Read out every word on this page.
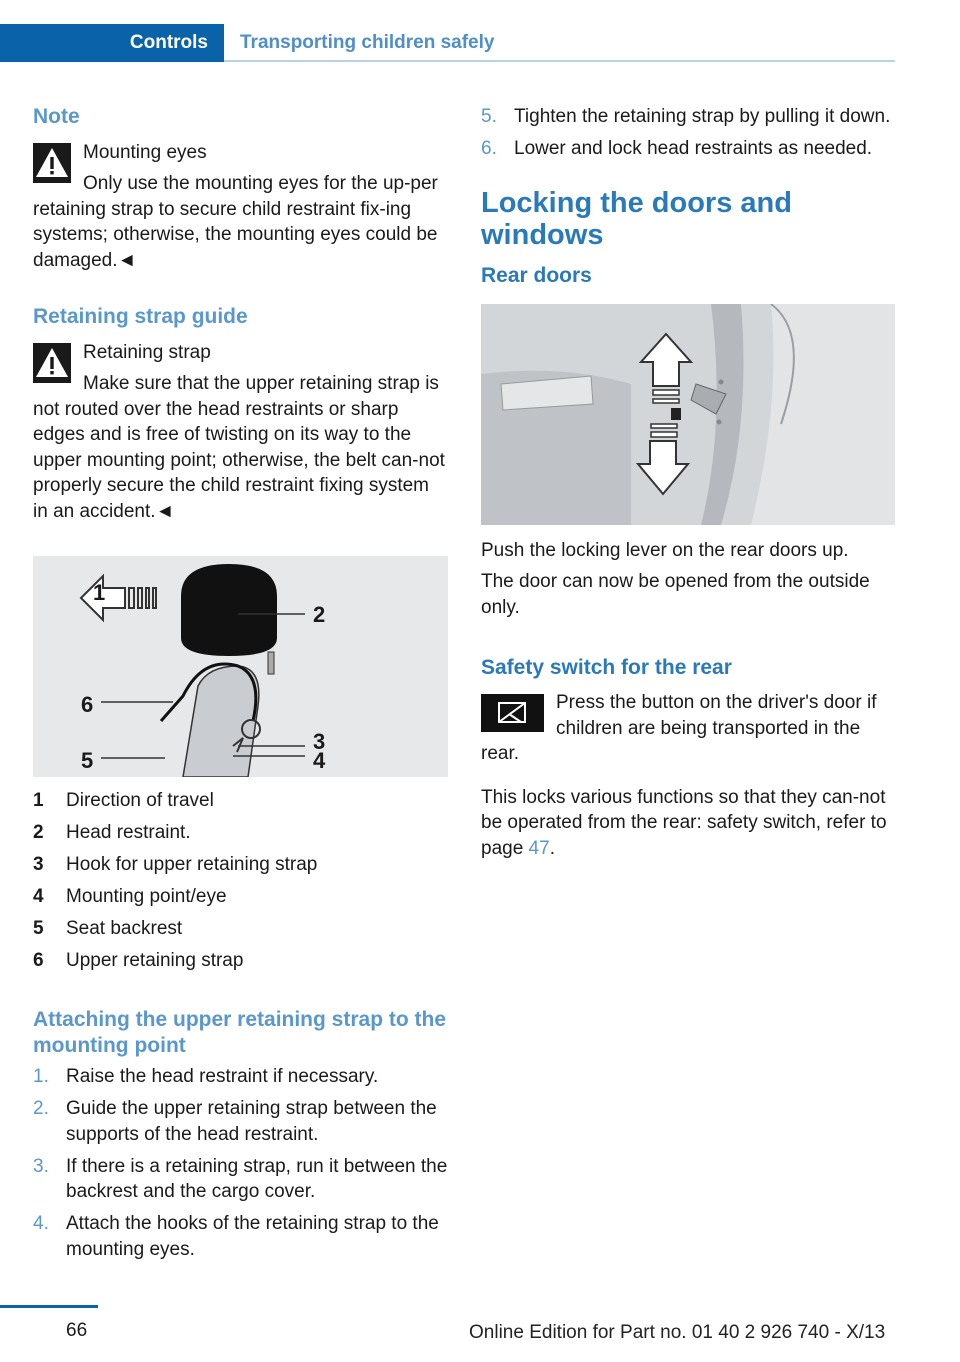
Controls	Transporting children safely
Note
Mounting eyes

Only use the mounting eyes for the up-per retaining strap to secure child restraint fix-ing systems; otherwise, the mounting eyes could be damaged.◄

Retaining strap guide
Retaining strap

Make sure that the upper retaining strap is not routed over the head restraints or sharp edges and is free of twisting on its way to the upper mounting point; otherwise, the belt can-not properly secure the child restraint fixing system in an accident.◄

1
2
3
4
5
6
1	Direction of travel
2	Head restraint.
3	Hook for upper retaining strap
4	Mounting point/eye
5	Seat backrest
6	Upper retaining strap
Attaching the upper retaining strap to the mounting point
1. Raise the head restraint if necessary.
2. Guide the upper retaining strap between the supports of the head restraint.
3. If there is a retaining strap, run it between the backrest and the cargo cover.
4. Attach the hooks of the retaining strap to the mounting eyes.
5. Tighten the retaining strap by pulling it down.
6. Lower and lock head restraints as needed.
Locking the doors and windows
Rear doors

Push the locking lever on the rear doors up.

The door can now be opened from the outside only.

Safety switch for the rear

Press the button on the driver's door if children are being transported in the rear.

This locks various functions so that they can-not be operated from the rear: safety switch, refer to page 47.

66	Online Edition for Part no. 01 40 2 926 740 - X/13
